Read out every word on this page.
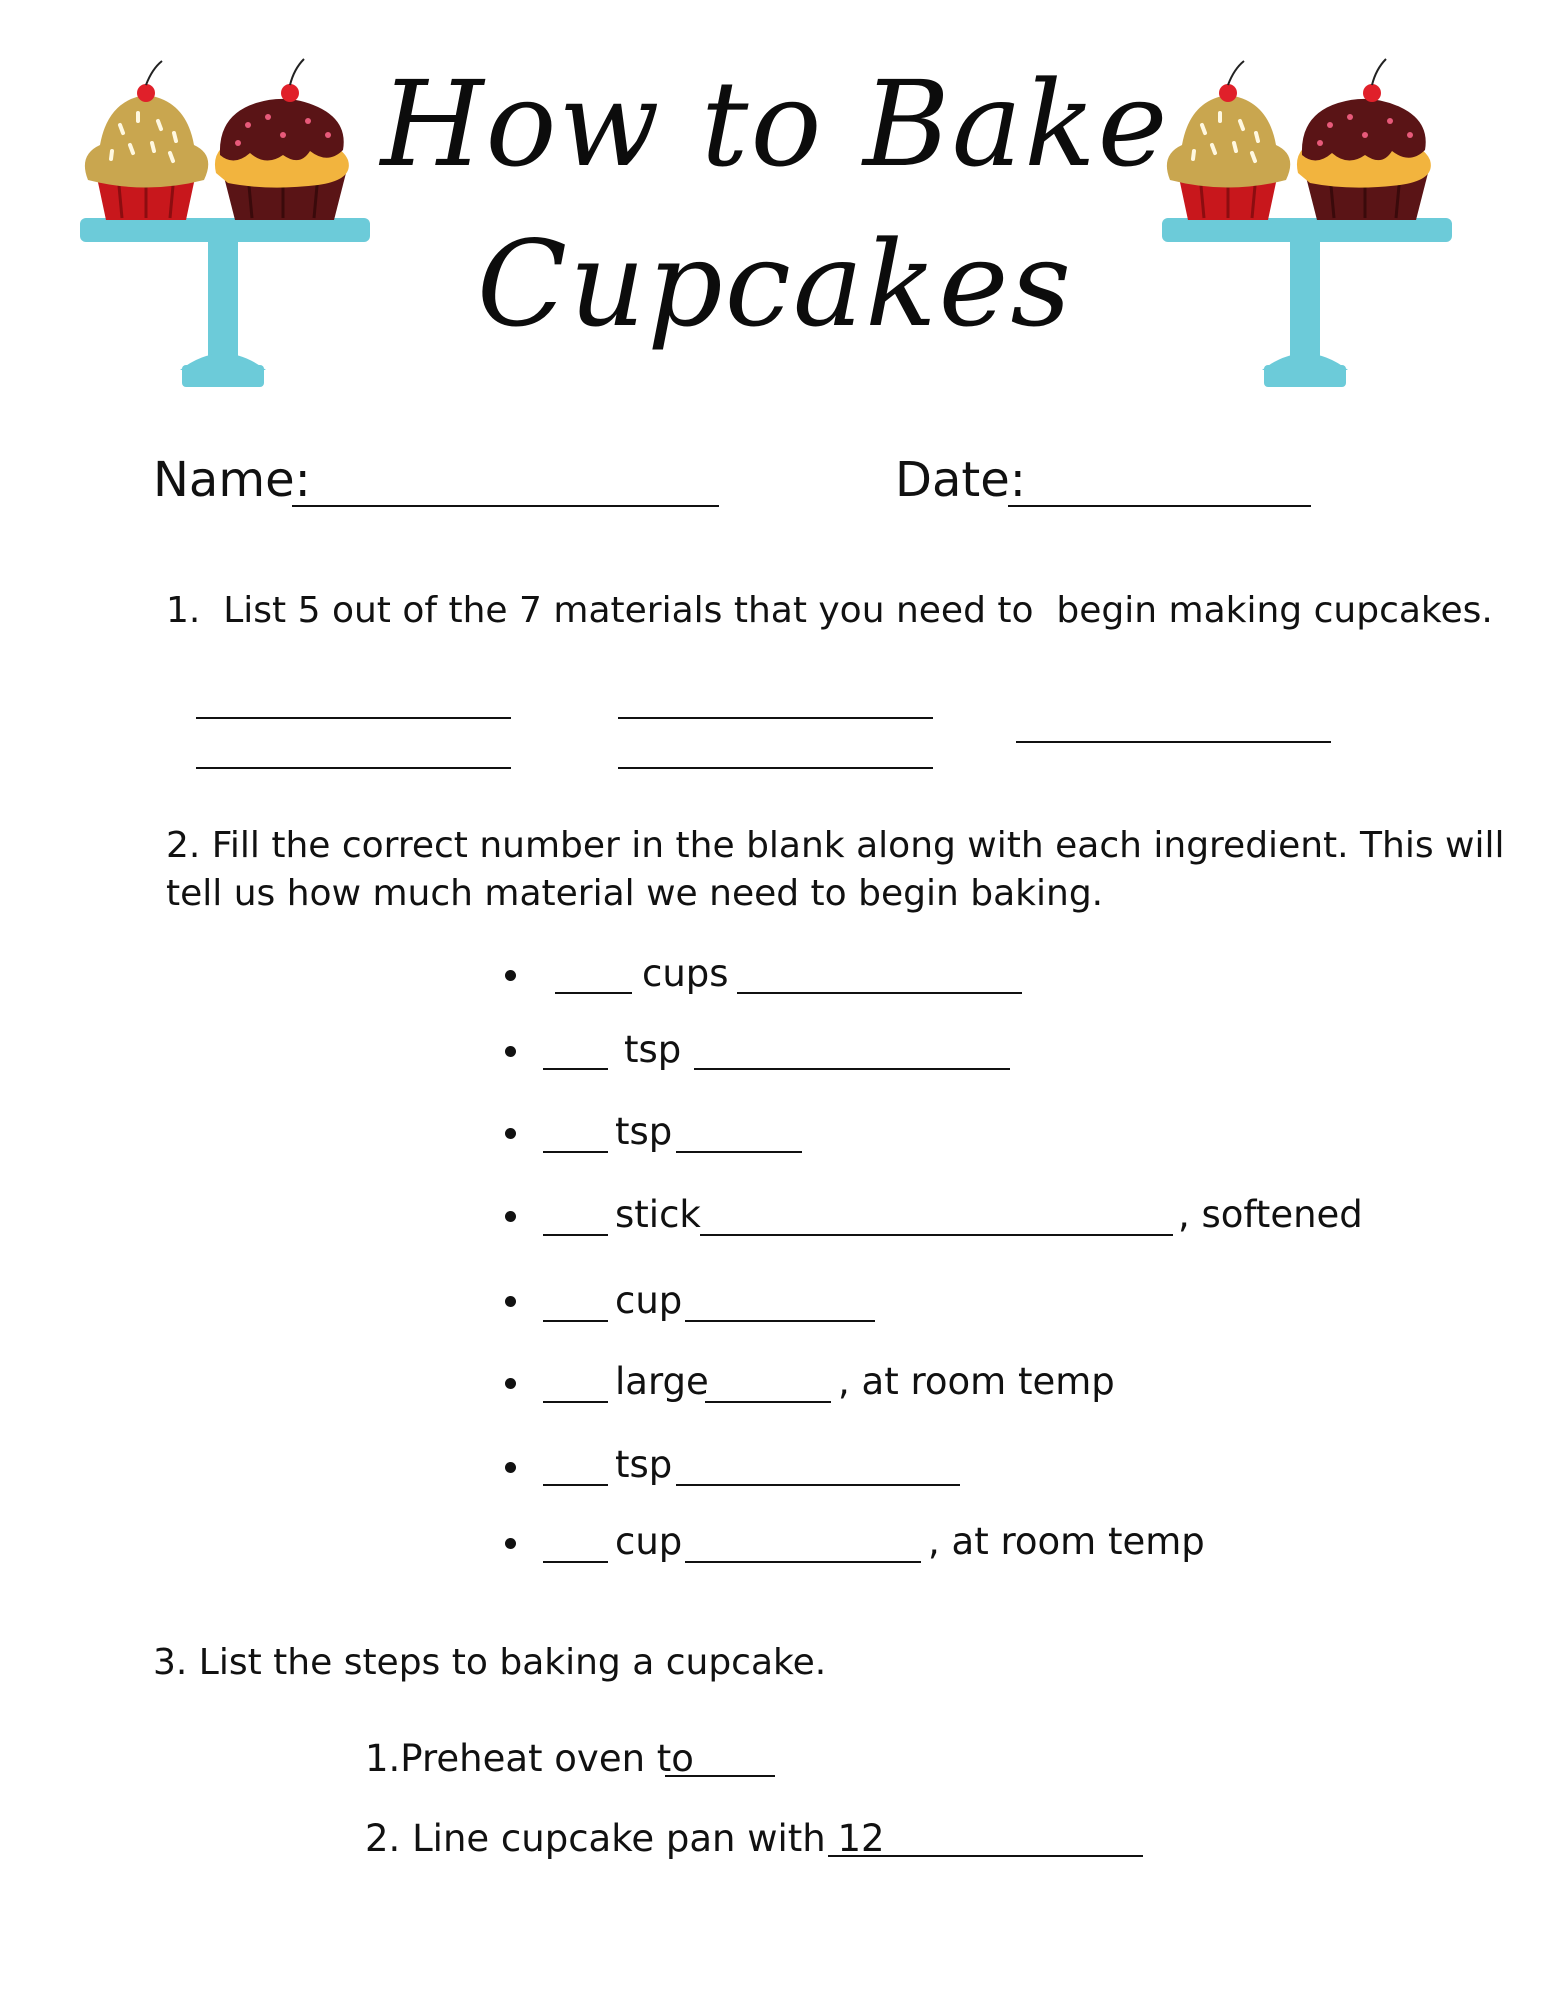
How to Bake
Cupcakes
Name:	Date:
1.  List 5 out of the 7 materials that you need to  begin making cupcakes.
2. Fill the correct number in the blank along with each ingredient. This will
tell us how much material we need to begin baking.
cups
tsp
tsp
stick	, softened
cup
large	, at room temp
tsp
cup	, at room temp
3. List the steps to baking a cupcake.
1.Preheat oven to
2. Line cupcake pan with 12
